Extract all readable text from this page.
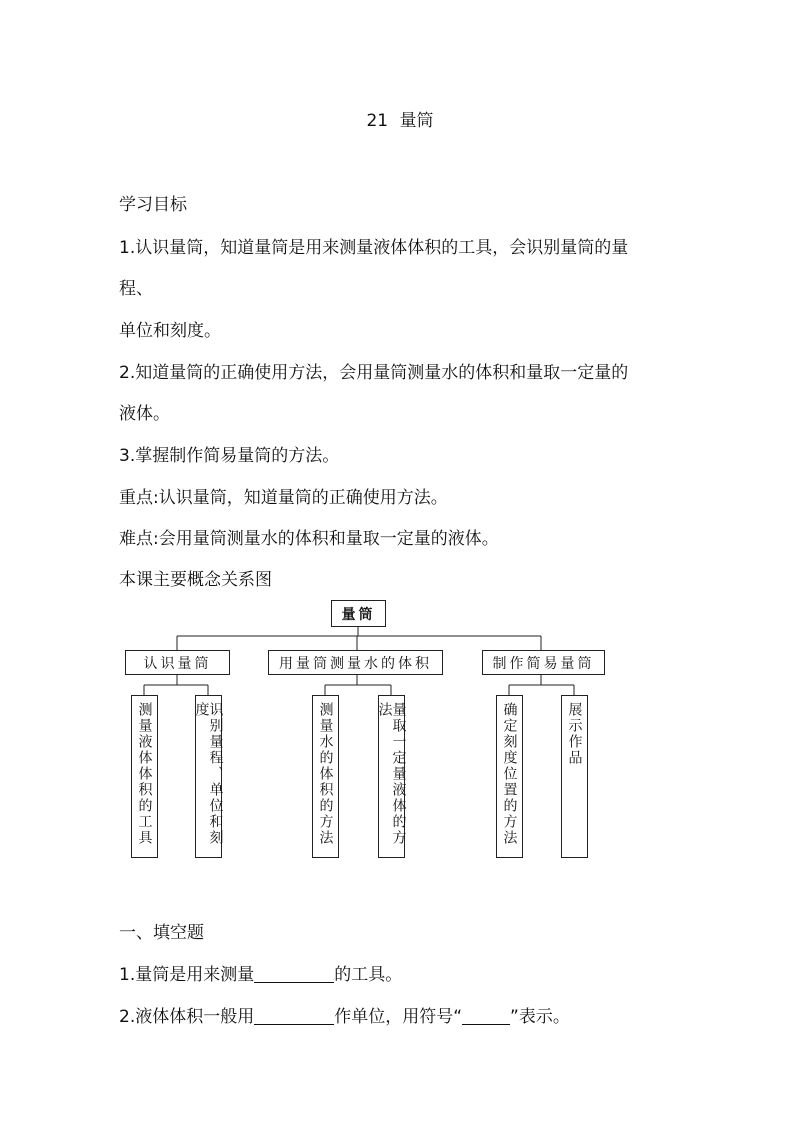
21 量筒
学习目标
1.认识量筒，知道量筒是用来测量液体体积的工具，会识别量筒的量
程、
单位和刻度。
2.知道量筒的正确使用方法，会用量筒测量水的体积和量取一定量的
液体。
3.掌握制作简易量筒的方法。
重点:认识量筒，知道量筒的正确使用方法。
难点:会用量筒测量水的体积和量取一定量的液体。
本课主要概念关系图
量筒
认识量筒	用量筒测量水的体积	制作简易量筒
测量液体体积的工具	识别量程、单位和刻度	测量水的体积的方法	量取一定量液体的方法	确定刻度位置的方法	展示作品
一、填空题
1.量筒是用来测量	的工具。
2.液体体积一般用	作单位，用符号“	”表示。
